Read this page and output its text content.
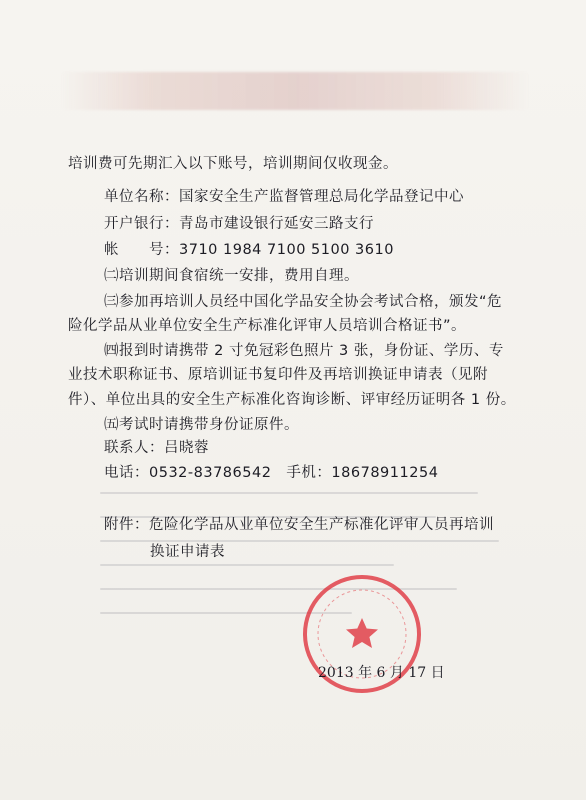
培训费可先期汇入以下账号，培训期间仅收现金。
单位名称：国家安全生产监督管理总局化学品登记中心
开户银行：青岛市建设银行延安三路支行
帐　　号：3710 1984 7100 5100 3610
㈡培训期间食宿统一安排，费用自理。
㈢参加再培训人员经中国化学品安全协会考试合格，颁发“危
险化学品从业单位安全生产标准化评审人员培训合格证书”。
㈣报到时请携带 2 寸免冠彩色照片 3 张，身份证、学历、专
业技术职称证书、原培训证书复印件及再培训换证申请表（见附
件）、单位出具的安全生产标准化咨询诊断、评审经历证明各 1 份。
㈤考试时请携带身份证原件。
联系人：吕晓蓉
电话：0532-83786542　手机：18678911254
附件：危险化学品从业单位安全生产标准化评审人员再培训
换证申请表
2013 年 6 月 17 日
